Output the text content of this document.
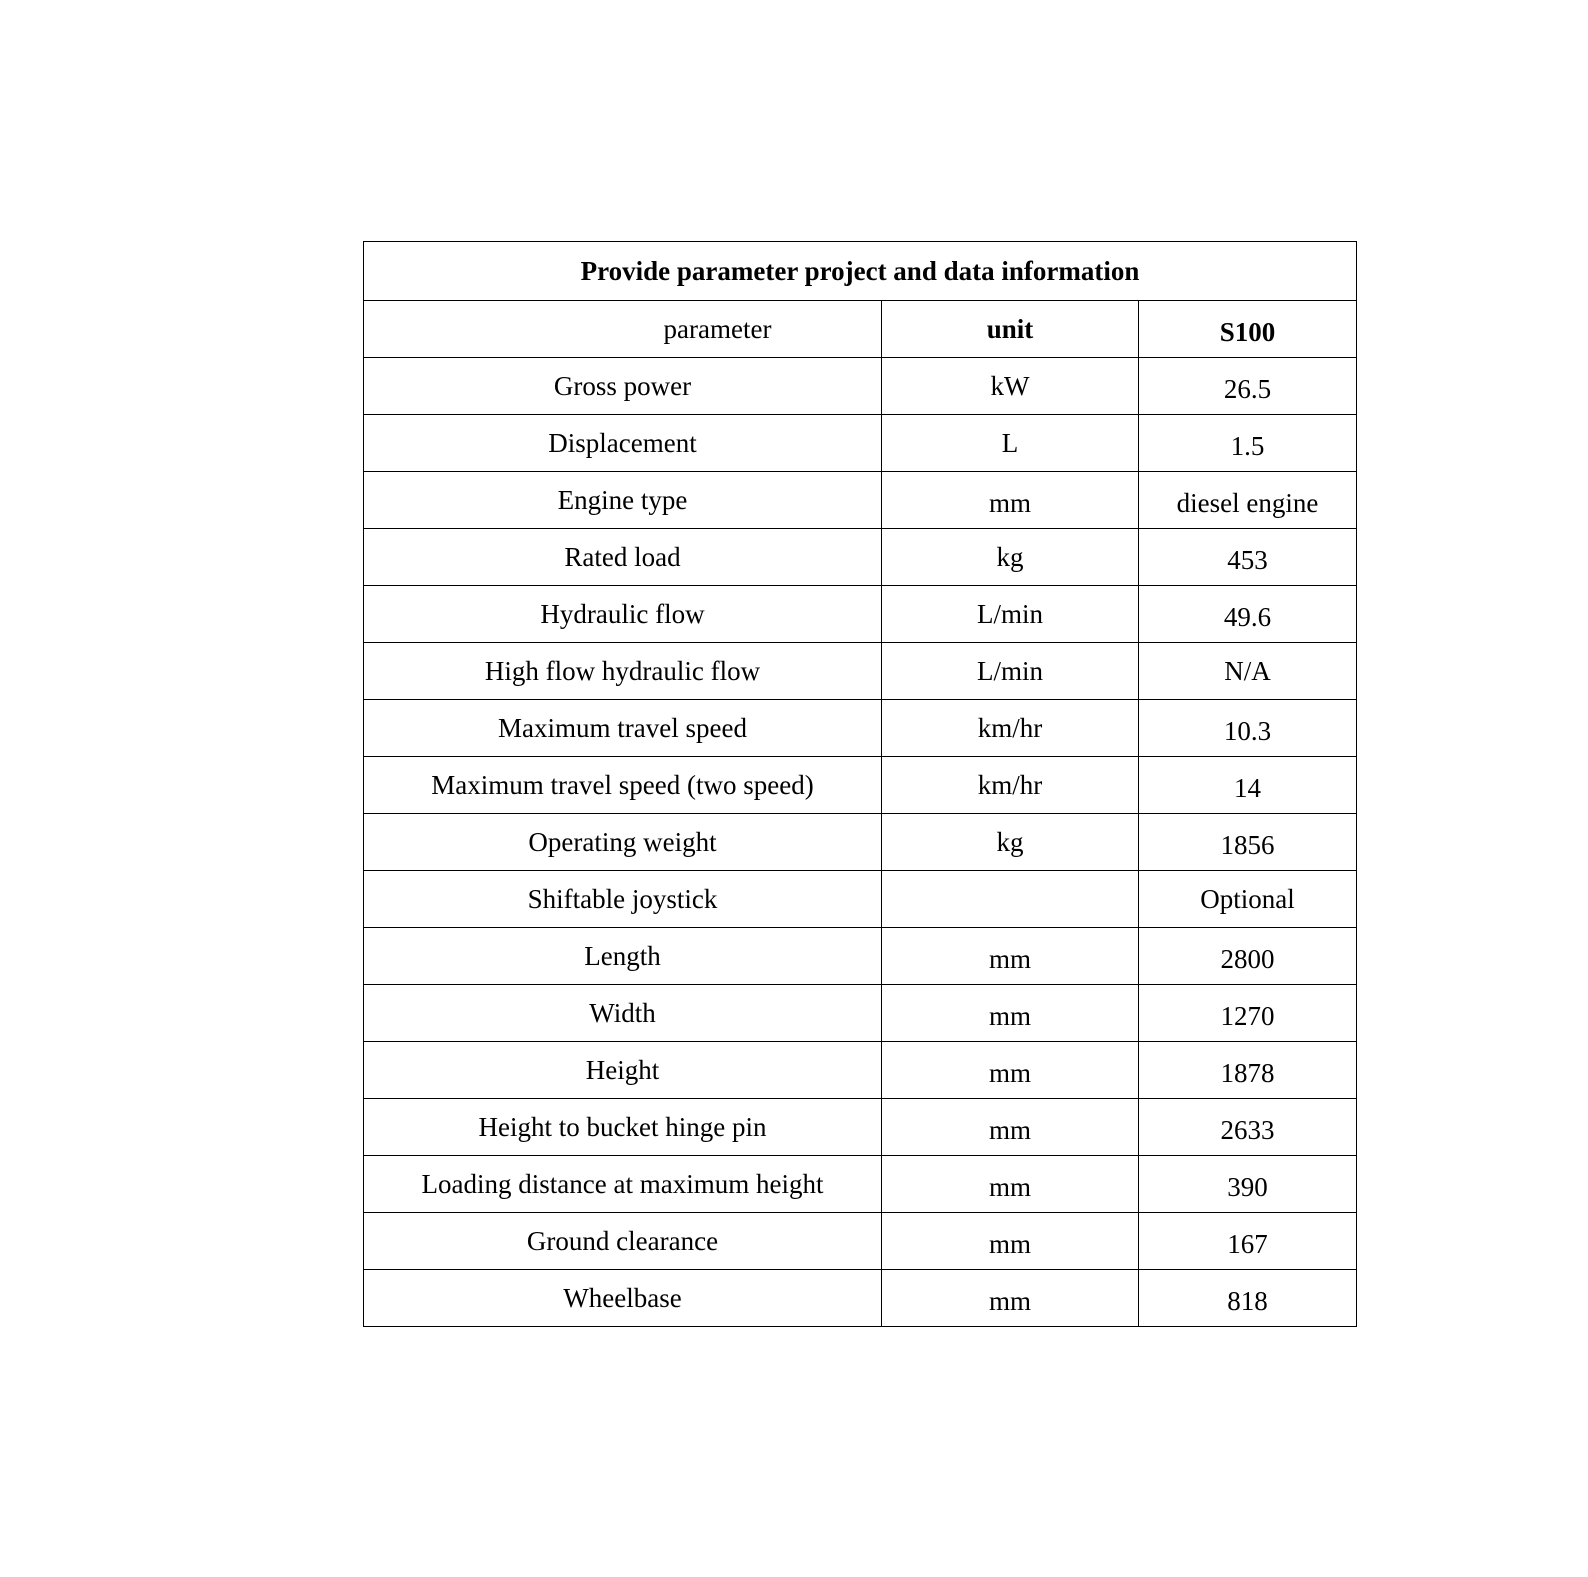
Provide parameter project and data information		
parameter	unit	S100
Gross power	kW	26.5
Displacement	L	1.5
Engine type	mm	diesel engine
Rated load	kg	453
Hydraulic flow	L/min	49.6
High flow hydraulic flow	L/min	N/A
Maximum travel speed	km/hr	10.3
Maximum travel speed (two speed)	km/hr	14
Operating weight	kg	1856
Shiftable joystick		Optional
Length	mm	2800
Width	mm	1270
Height	mm	1878
Height to bucket hinge pin	mm	2633
Loading distance at maximum height	mm	390
Ground clearance	mm	167
Wheelbase	mm	818
